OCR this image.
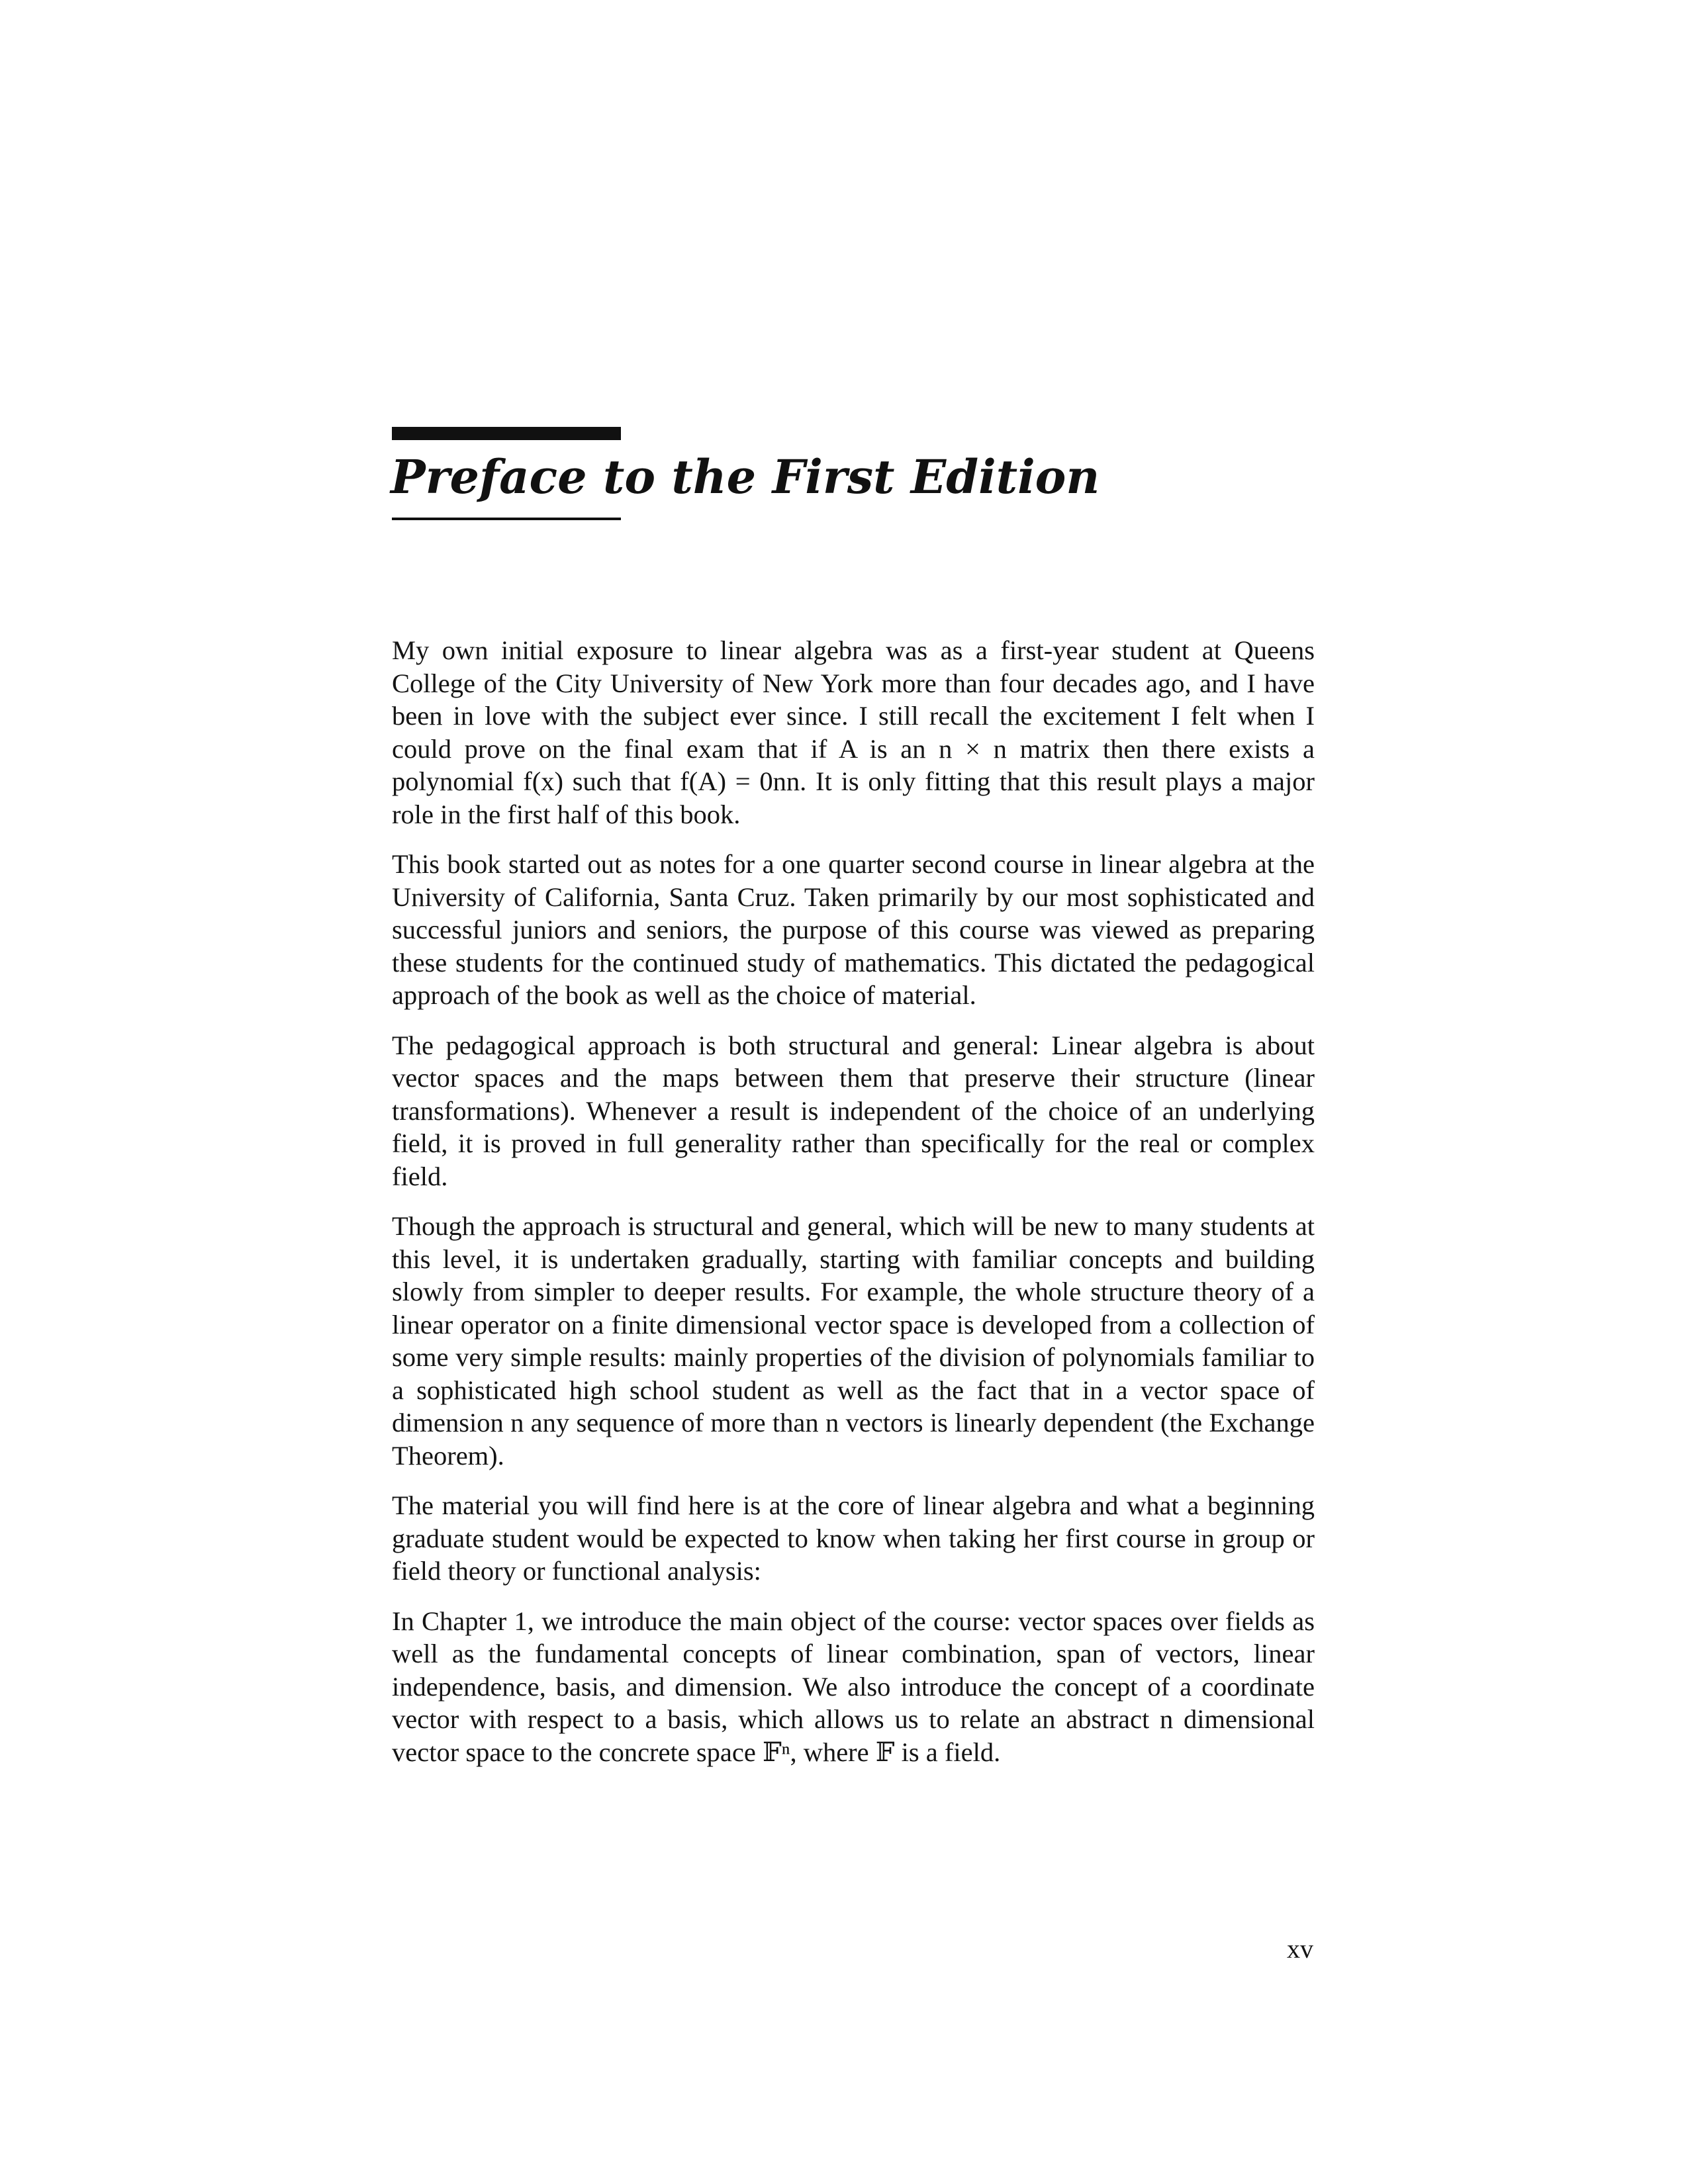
Preface to the First Edition

My own initial exposure to linear algebra was as a first-year student at Queens College of the City University of New York more than four decades ago, and I have been in love with the subject ever since. I still recall the excitement I felt when I could prove on the final exam that if A is an n × n matrix then there exists a polynomial f(x) such that f(A) = 0nn. It is only fitting that this result plays a major role in the first half of this book.

This book started out as notes for a one quarter second course in linear algebra at the University of California, Santa Cruz. Taken primarily by our most sophisticated and successful juniors and seniors, the purpose of this course was viewed as preparing these students for the continued study of mathematics. This dictated the pedagogical approach of the book as well as the choice of material.

The pedagogical approach is both structural and general: Linear algebra is about vector spaces and the maps between them that preserve their structure (linear transformations). Whenever a result is independent of the choice of an underlying field, it is proved in full generality rather than specifically for the real or complex field.

Though the approach is structural and general, which will be new to many students at this level, it is undertaken gradually, starting with familiar concepts and building slowly from simpler to deeper results. For example, the whole structure theory of a linear operator on a finite dimensional vector space is developed from a collection of some very simple results: mainly properties of the division of polynomials familiar to a sophisticated high school student as well as the fact that in a vector space of dimension n any sequence of more than n vectors is linearly dependent (the Exchange Theorem).

The material you will find here is at the core of linear algebra and what a beginning graduate student would be expected to know when taking her first course in group or field theory or functional analysis:

In Chapter 1, we introduce the main object of the course: vector spaces over fields as well as the fundamental concepts of linear combination, span of vectors, linear independence, basis, and dimension. We also introduce the concept of a coordinate vector with respect to a basis, which allows us to relate an abstract n dimensional vector space to the concrete space 𝔽ⁿ, where 𝔽 is a field.

xv
